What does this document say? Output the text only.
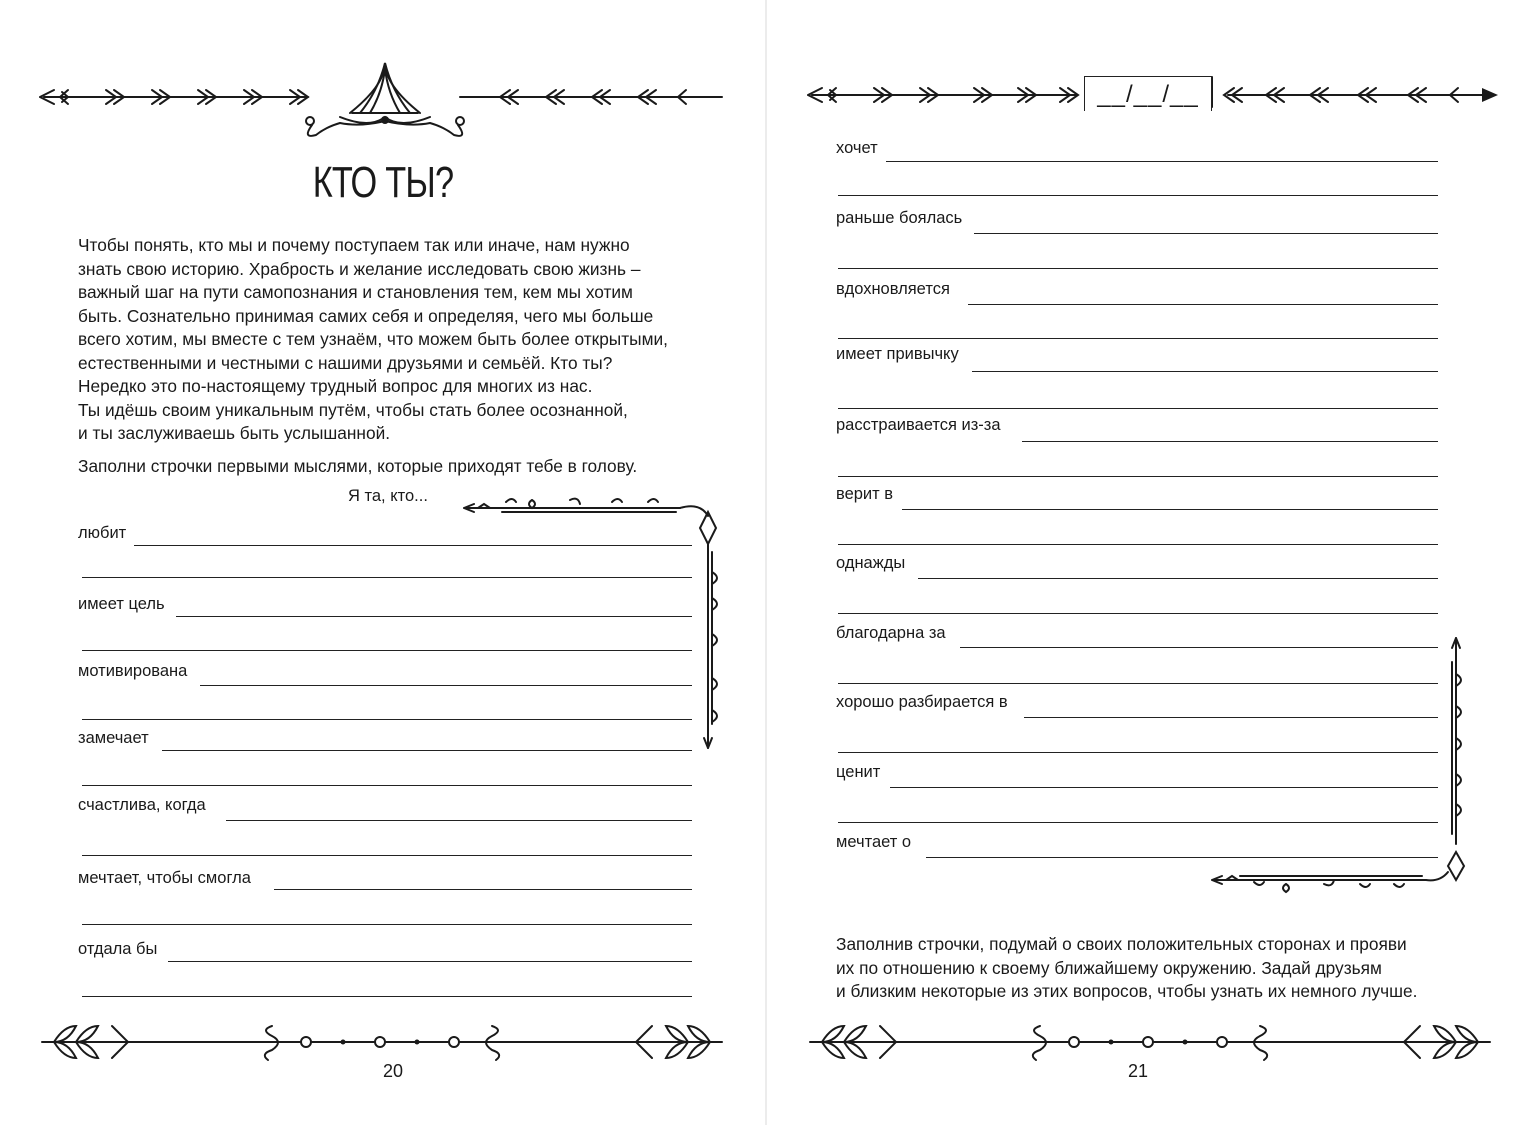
КТО ТЫ?

Чтобы понять, кто мы и почему поступаем так или иначе, нам нужно

знать свою историю. Храбрость и желание исследовать свою жизнь –

важный шаг на пути самопознания и становления тем, кем мы хотим

быть. Сознательно принимая самих себя и определяя, чего мы больше

всего хотим, мы вместе с тем узнаём, что можем быть более открытыми,

естественными и честными с нашими друзьями и семьёй. Кто ты?

Нередко это по-настоящему трудный вопрос для многих из нас.

Ты идёшь своим уникальным путём, чтобы стать более осознанной,

и ты заслуживаешь быть услышанной.

Заполни строчки первыми мыслями, которые приходят тебе в голову.

Я та, кто...

любит
имеет цель
мотивирована
замечает
счастлива, когда
мечтает, чтобы смогла
отдала бы
20
__/__/__
хочет
раньше боялась
вдохновляется
имеет привычку
расстраивается из-за
верит в
однажды
благодарна за
хорошо разбирается в
ценит
мечтает о

Заполнив строчки, подумай о своих положительных сторонах и прояви
их по отношению к своему ближайшему окружению. Задай друзьям
и близким некоторые из этих вопросов, чтобы узнать их немного лучше.

21
